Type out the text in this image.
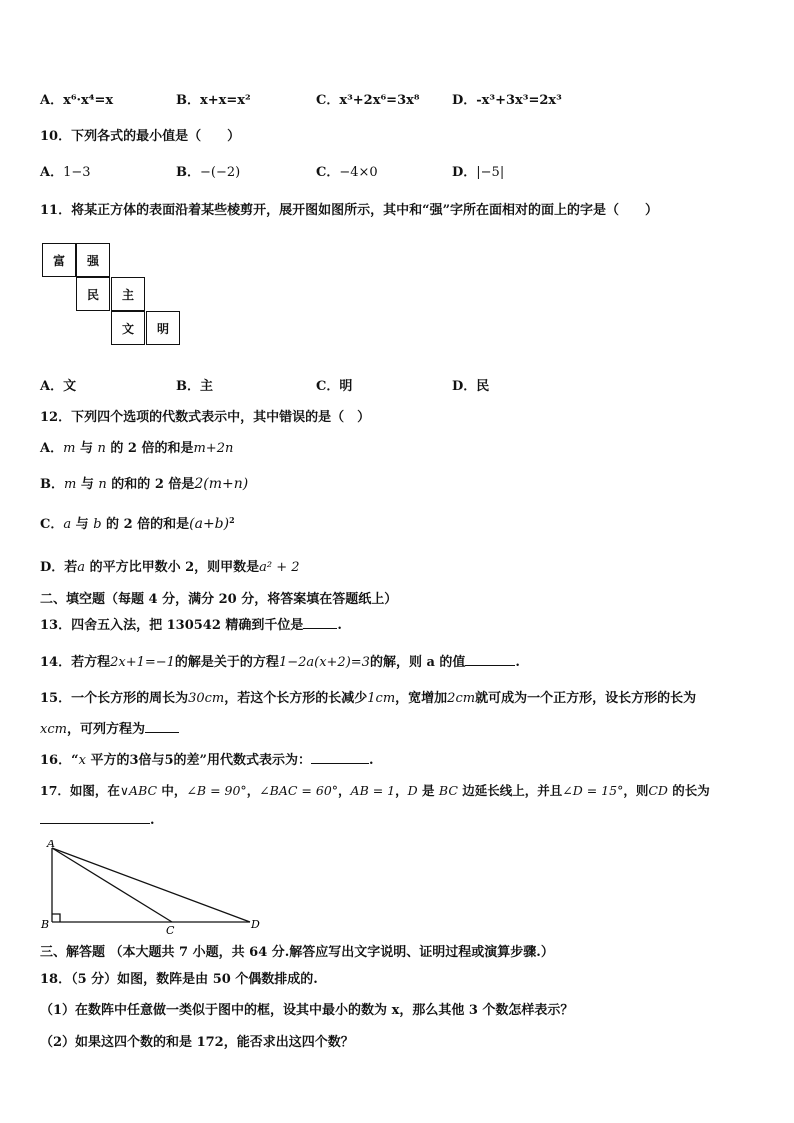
A．x⁶·x⁴=x	B．x+x=x²	C．x³+2x⁶=3x⁸ D．-x³+3x³=2x³
10．下列各式的最小值是（　　）
A．1−3	B．−(−2)	C．−4×0	D．|−5|
11．将某正方体的表面沿着某些棱剪开，展开图如图所示，其中和“强”字所在面相对的面上的字是（　　）
富	强
民	主
文	明
A．文	B．主	C．明	D．民
12．下列四个选项的代数式表示中，其中错误的是（　）
A．m 与 n 的 2 倍的和是m+2n
B．m 与 n 的和的 2 倍是2(m+n)
C．a 与 b 的 2 倍的和是$(a+b)^2$
D．若a 的平方比甲数小 2，则甲数是a² + 2
二、填空题（每题 4 分，满分 20 分，将答案填在答题纸上）
13．四舍五入法，把 130542 精确到千位是	.
14．若方程2x+1=−1的解是关于的方程1−2a(x+2)=3的解，则 a 的值	.
15．一个长方形的周长为30cm，若这个长方形的长减少1cm，宽增加2cm就可成为一个正方形，设长方形的长为
xcm，可列方程为
16．“x 平方的3倍与5的差”用代数式表示为：	.
17．如图，在∨ABC 中，∠B = 90°，∠BAC = 60°，AB = 1，D 是 BC 边延长线上，并且∠D = 15°，则CD 的长为
.
A
B	C	D
三、解答题 （本大题共 7 小题，共 64 分.解答应写出文字说明、证明过程或演算步骤.）
18．（5 分）如图，数阵是由 50 个偶数排成的.
（1）在数阵中任意做一类似于图中的框，设其中最小的数为 x，那么其他 3 个数怎样表示？
（2）如果这四个数的和是 172，能否求出这四个数？
